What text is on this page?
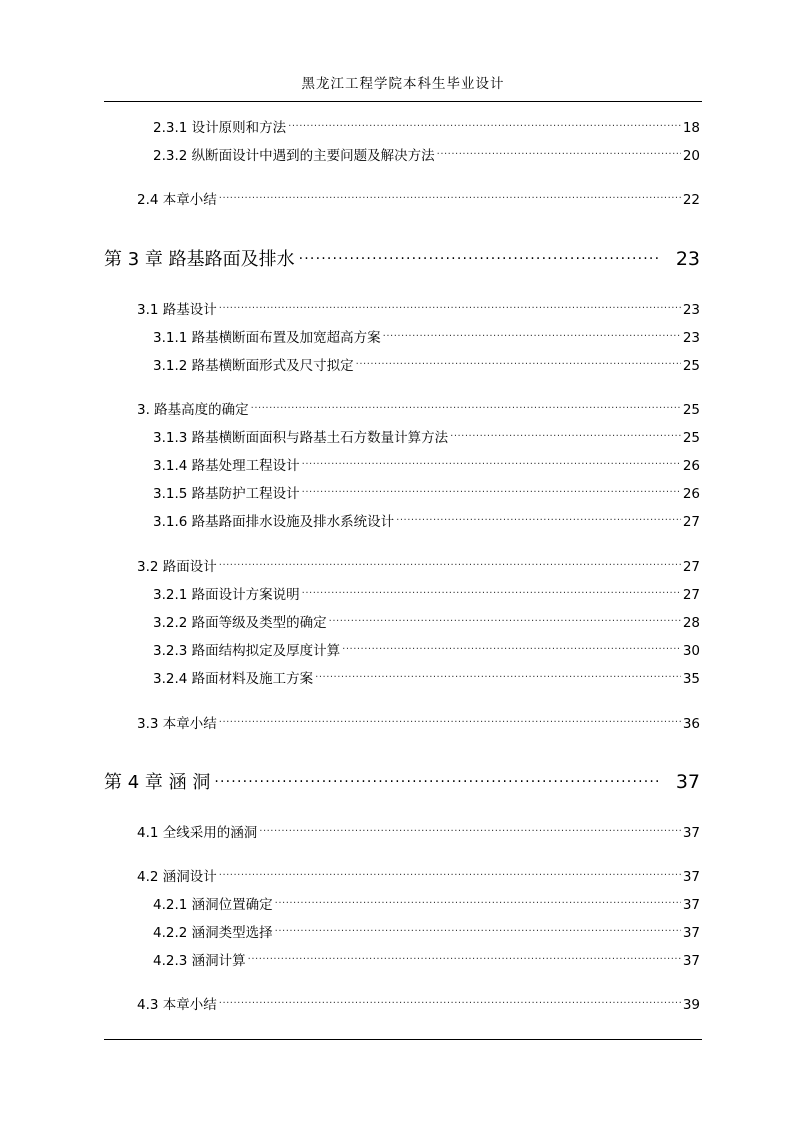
黑龙江工程学院本科生毕业设计
2.3.1 设计原则和方法 .....	18
2.3.2 纵断面设计中遇到的主要问题及解决方法 .....	20
2.4 本章小结 .....	22
第 3 章 路基路面及排水 .....	23
3.1 路基设计 .....	23
3.1.1 路基横断面布置及加宽超高方案 .....	23
3.1.2 路基横断面形式及尺寸拟定 .....	25
3. 路基高度的确定 .....	25
3.1.3 路基横断面面积与路基土石方数量计算方法 .....	25
3.1.4 路基处理工程设计 .....	26
3.1.5 路基防护工程设计 .....	26
3.1.6 路基路面排水设施及排水系统设计 .....	27
3.2 路面设计 .....	27
3.2.1 路面设计方案说明 .....	27
3.2.2 路面等级及类型的确定 .....	28
3.2.3 路面结构拟定及厚度计算 .....	30
3.2.4 路面材料及施工方案 .....	35
3.3 本章小结 .....	36
第 4 章 涵 洞 .....	37
4.1 全线采用的涵洞 .....	37
4.2 涵洞设计 .....	37
4.2.1 涵洞位置确定 .....	37
4.2.2 涵洞类型选择 .....	37
4.2.3 涵洞计算 .....	37
4.3 本章小结 .....	39
